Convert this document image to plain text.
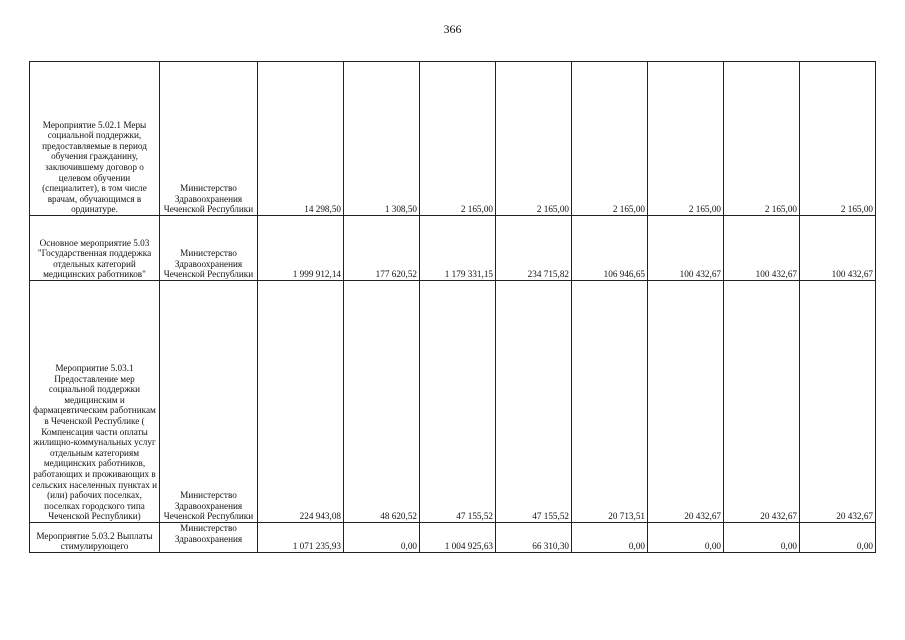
366
Мероприятие 5.02.1 Меры социальной поддержки, предоставляемые в период обучения гражданину, заключившему договор о целевом обучении (специалитет), в том числе врачам, обучающимся в ординатуре.	Министерство Здравоохранения Чеченской Республики	14 298,50	1 308,50	2 165,00	2 165,00	2 165,00	2 165,00	2 165,00	2 165,00
Основное мероприятие 5.03 "Государственная поддержка отдельных категорий медицинских работников"	Министерство Здравоохранения Чеченской Республики	1 999 912,14	177 620,52	1 179 331,15	234 715,82	106 946,65	100 432,67	100 432,67	100 432,67
Мероприятие 5.03.1 Предоставление мер социальной поддержки медицинским и фармацевтическим работникам в Чеченской Республике ( Компенсация части оплаты жилищно-коммунальных услуг отдельным категориям медицинских работников, работающих и проживающих в сельских населенных пунктах и (или) рабочих поселках, поселках городского типа Чеченской Республики)	Министерство Здравоохранения Чеченской Республики	224 943,08	48 620,52	47 155,52	47 155,52	20 713,51	20 432,67	20 432,67	20 432,67
Мероприятие 5.03.2 Выплаты стимулирующего	Министерство Здравоохранения	1 071 235,93	0,00	1 004 925,63	66 310,30	0,00	0,00	0,00	0,00
